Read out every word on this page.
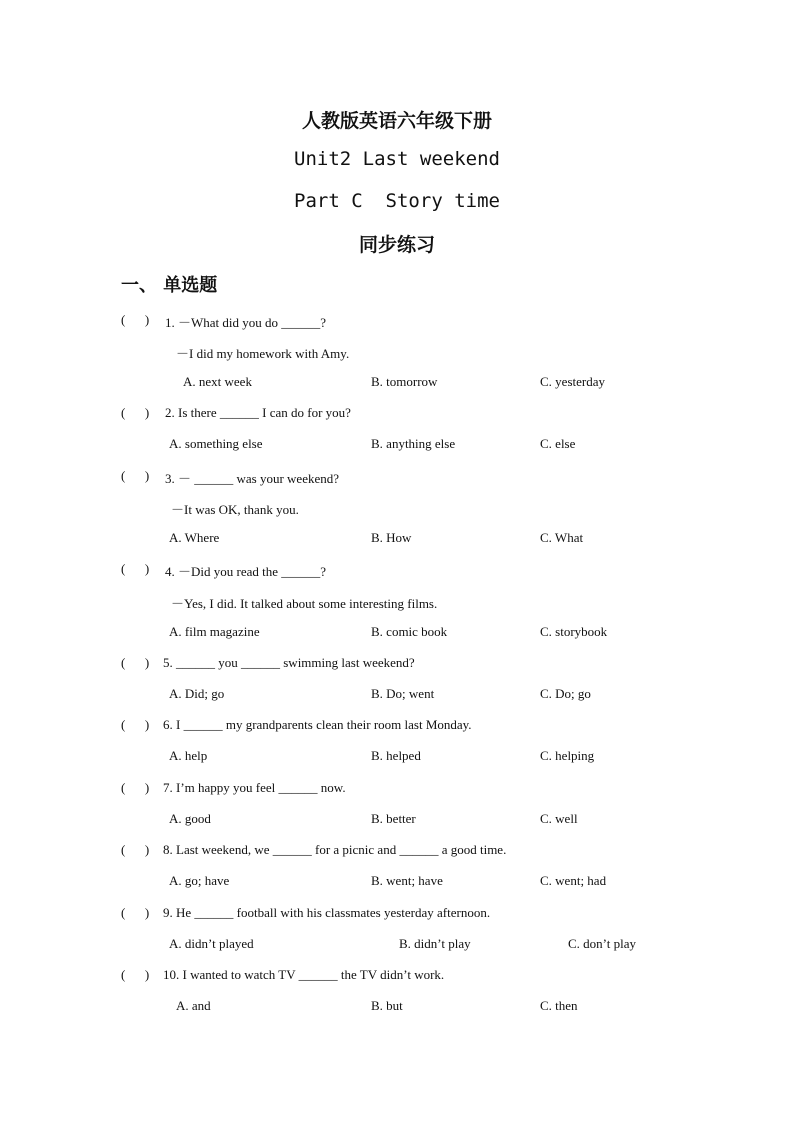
人教版英语六年级下册
Unit2 Last weekend
Part C  Story time
同步练习
一、 单选题
(      ) 1. －What did you do ______?
－I did my homework with Amy.
A. next week	B. tomorrow	C. yesterday
(      ) 2. Is there ______ I can do for you?
A. something else	B. anything else	C. else
(      ) 3. － ______ was your weekend?
－It was OK, thank you.
A. Where	B. How	C. What
(      ) 4. －Did you read the ______?
－Yes, I did. It talked about some interesting films.
A. film magazine	B. comic book	C. storybook
(      ) 5. ______ you ______ swimming last weekend?
A. Did; go	B. Do; went	C. Do; go
(      ) 6. I ______ my grandparents clean their room last Monday.
A. help	B. helped	C. helping
(      ) 7. I’m happy you feel ______ now.
A. good	B. better	C. well
(      ) 8. Last weekend, we ______ for a picnic and ______ a good time.
A. go; have	B. went; have	C. went; had
(      ) 9. He ______ football with his classmates yesterday afternoon.
A. didn’t played	B. didn’t play	C. don’t play
(      ) 10. I wanted to watch TV ______ the TV didn’t work.
A. and	B. but	C. then
